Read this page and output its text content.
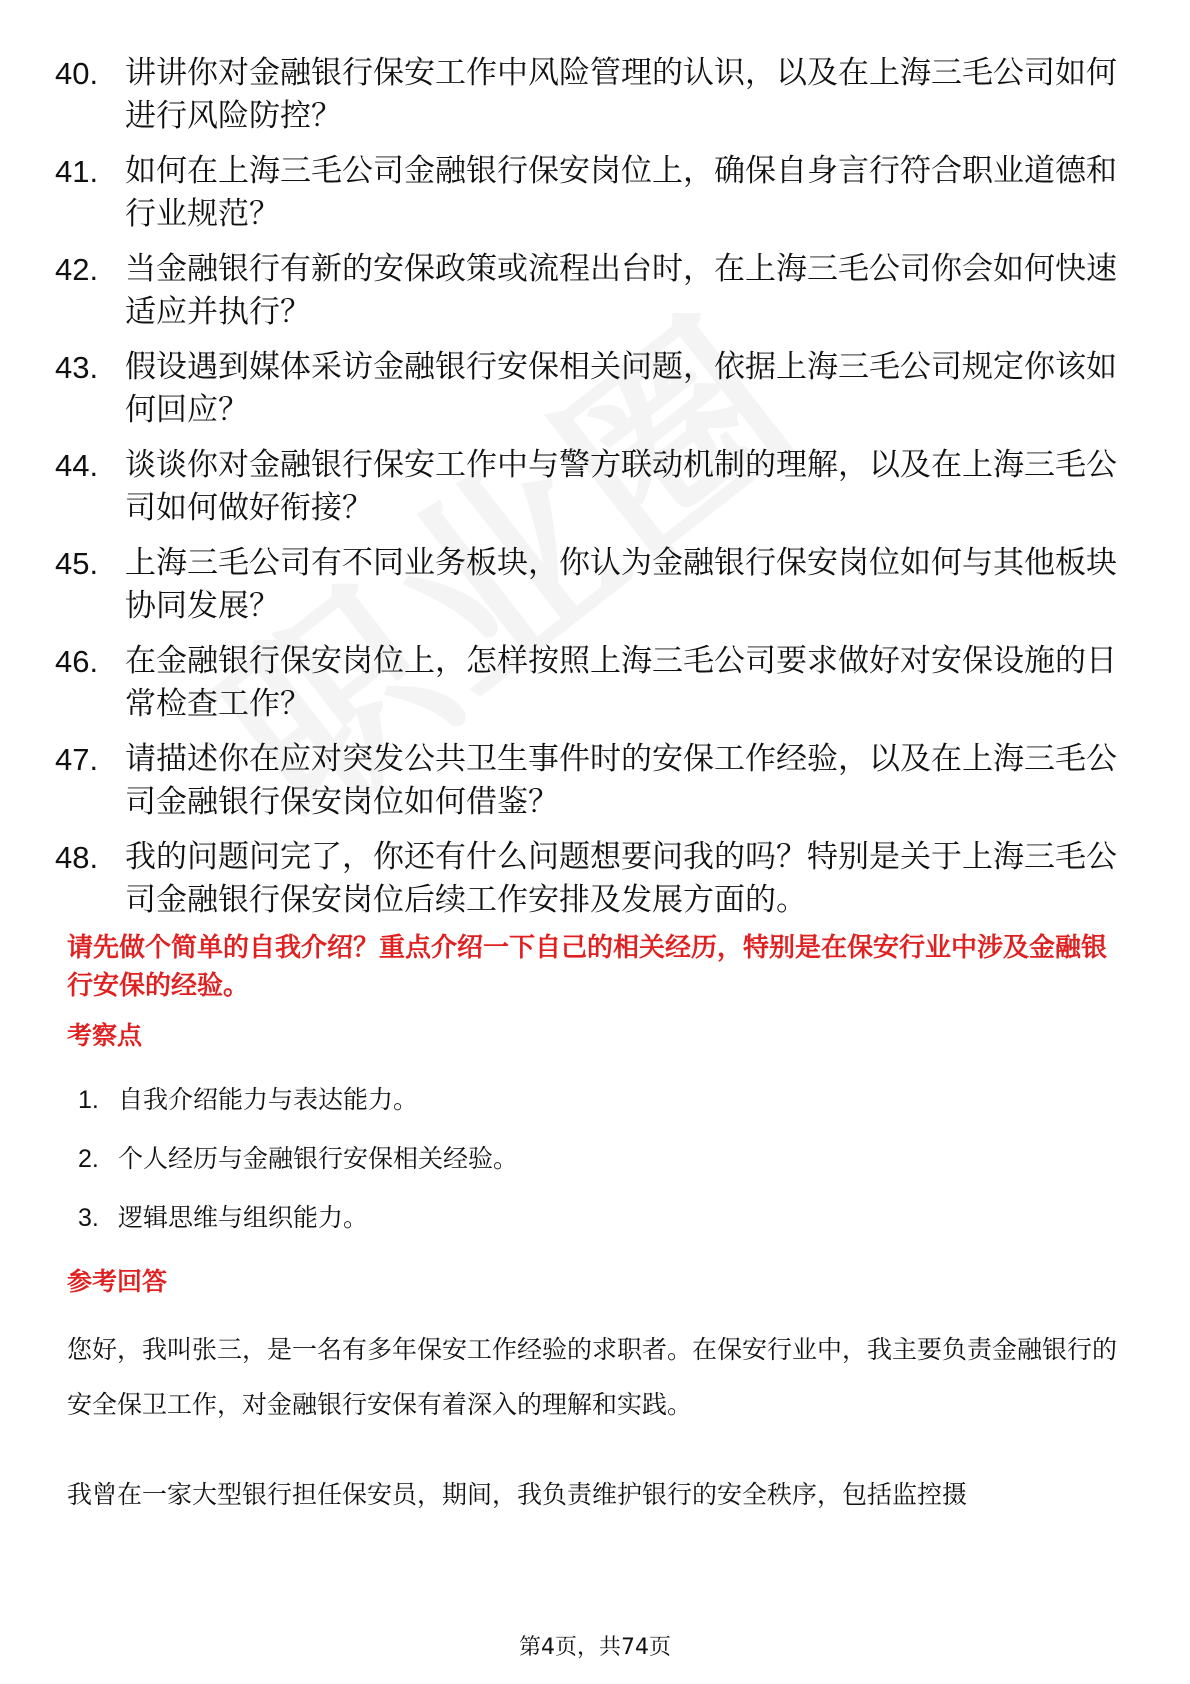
40. 讲讲你对金融银行保安工作中风险管理的认识，以及在上海三毛公司如何进行风险防控？
41. 如何在上海三毛公司金融银行保安岗位上，确保自身言行符合职业道德和行业规范？
42. 当金融银行有新的安保政策或流程出台时，在上海三毛公司你会如何快速适应并执行？
43. 假设遇到媒体采访金融银行安保相关问题，依据上海三毛公司规定你该如何回应？
44. 谈谈你对金融银行保安工作中与警方联动机制的理解，以及在上海三毛公司如何做好衔接？
45. 上海三毛公司有不同业务板块，你认为金融银行保安岗位如何与其他板块协同发展？
46. 在金融银行保安岗位上，怎样按照上海三毛公司要求做好对安保设施的日常检查工作？
47. 请描述你在应对突发公共卫生事件时的安保工作经验，以及在上海三毛公司金融银行保安岗位如何借鉴？
48. 我的问题问完了，你还有什么问题想要问我的吗？特别是关于上海三毛公司金融银行保安岗位后续工作安排及发展方面的。
请先做个简单的自我介绍？重点介绍一下自己的相关经历，特别是在保安行业中涉及金融银行安保的经验。
考察点
1. 自我介绍能力与表达能力。
2. 个人经历与金融银行安保相关经验。
3. 逻辑思维与组织能力。
参考回答
您好，我叫张三，是一名有多年保安工作经验的求职者。在保安行业中，我主要负责金融银行的安全保卫工作，对金融银行安保有着深入的理解和实践。
我曾在一家大型银行担任保安员，期间，我负责维护银行的安全秩序，包括监控摄
第4页，共74页
